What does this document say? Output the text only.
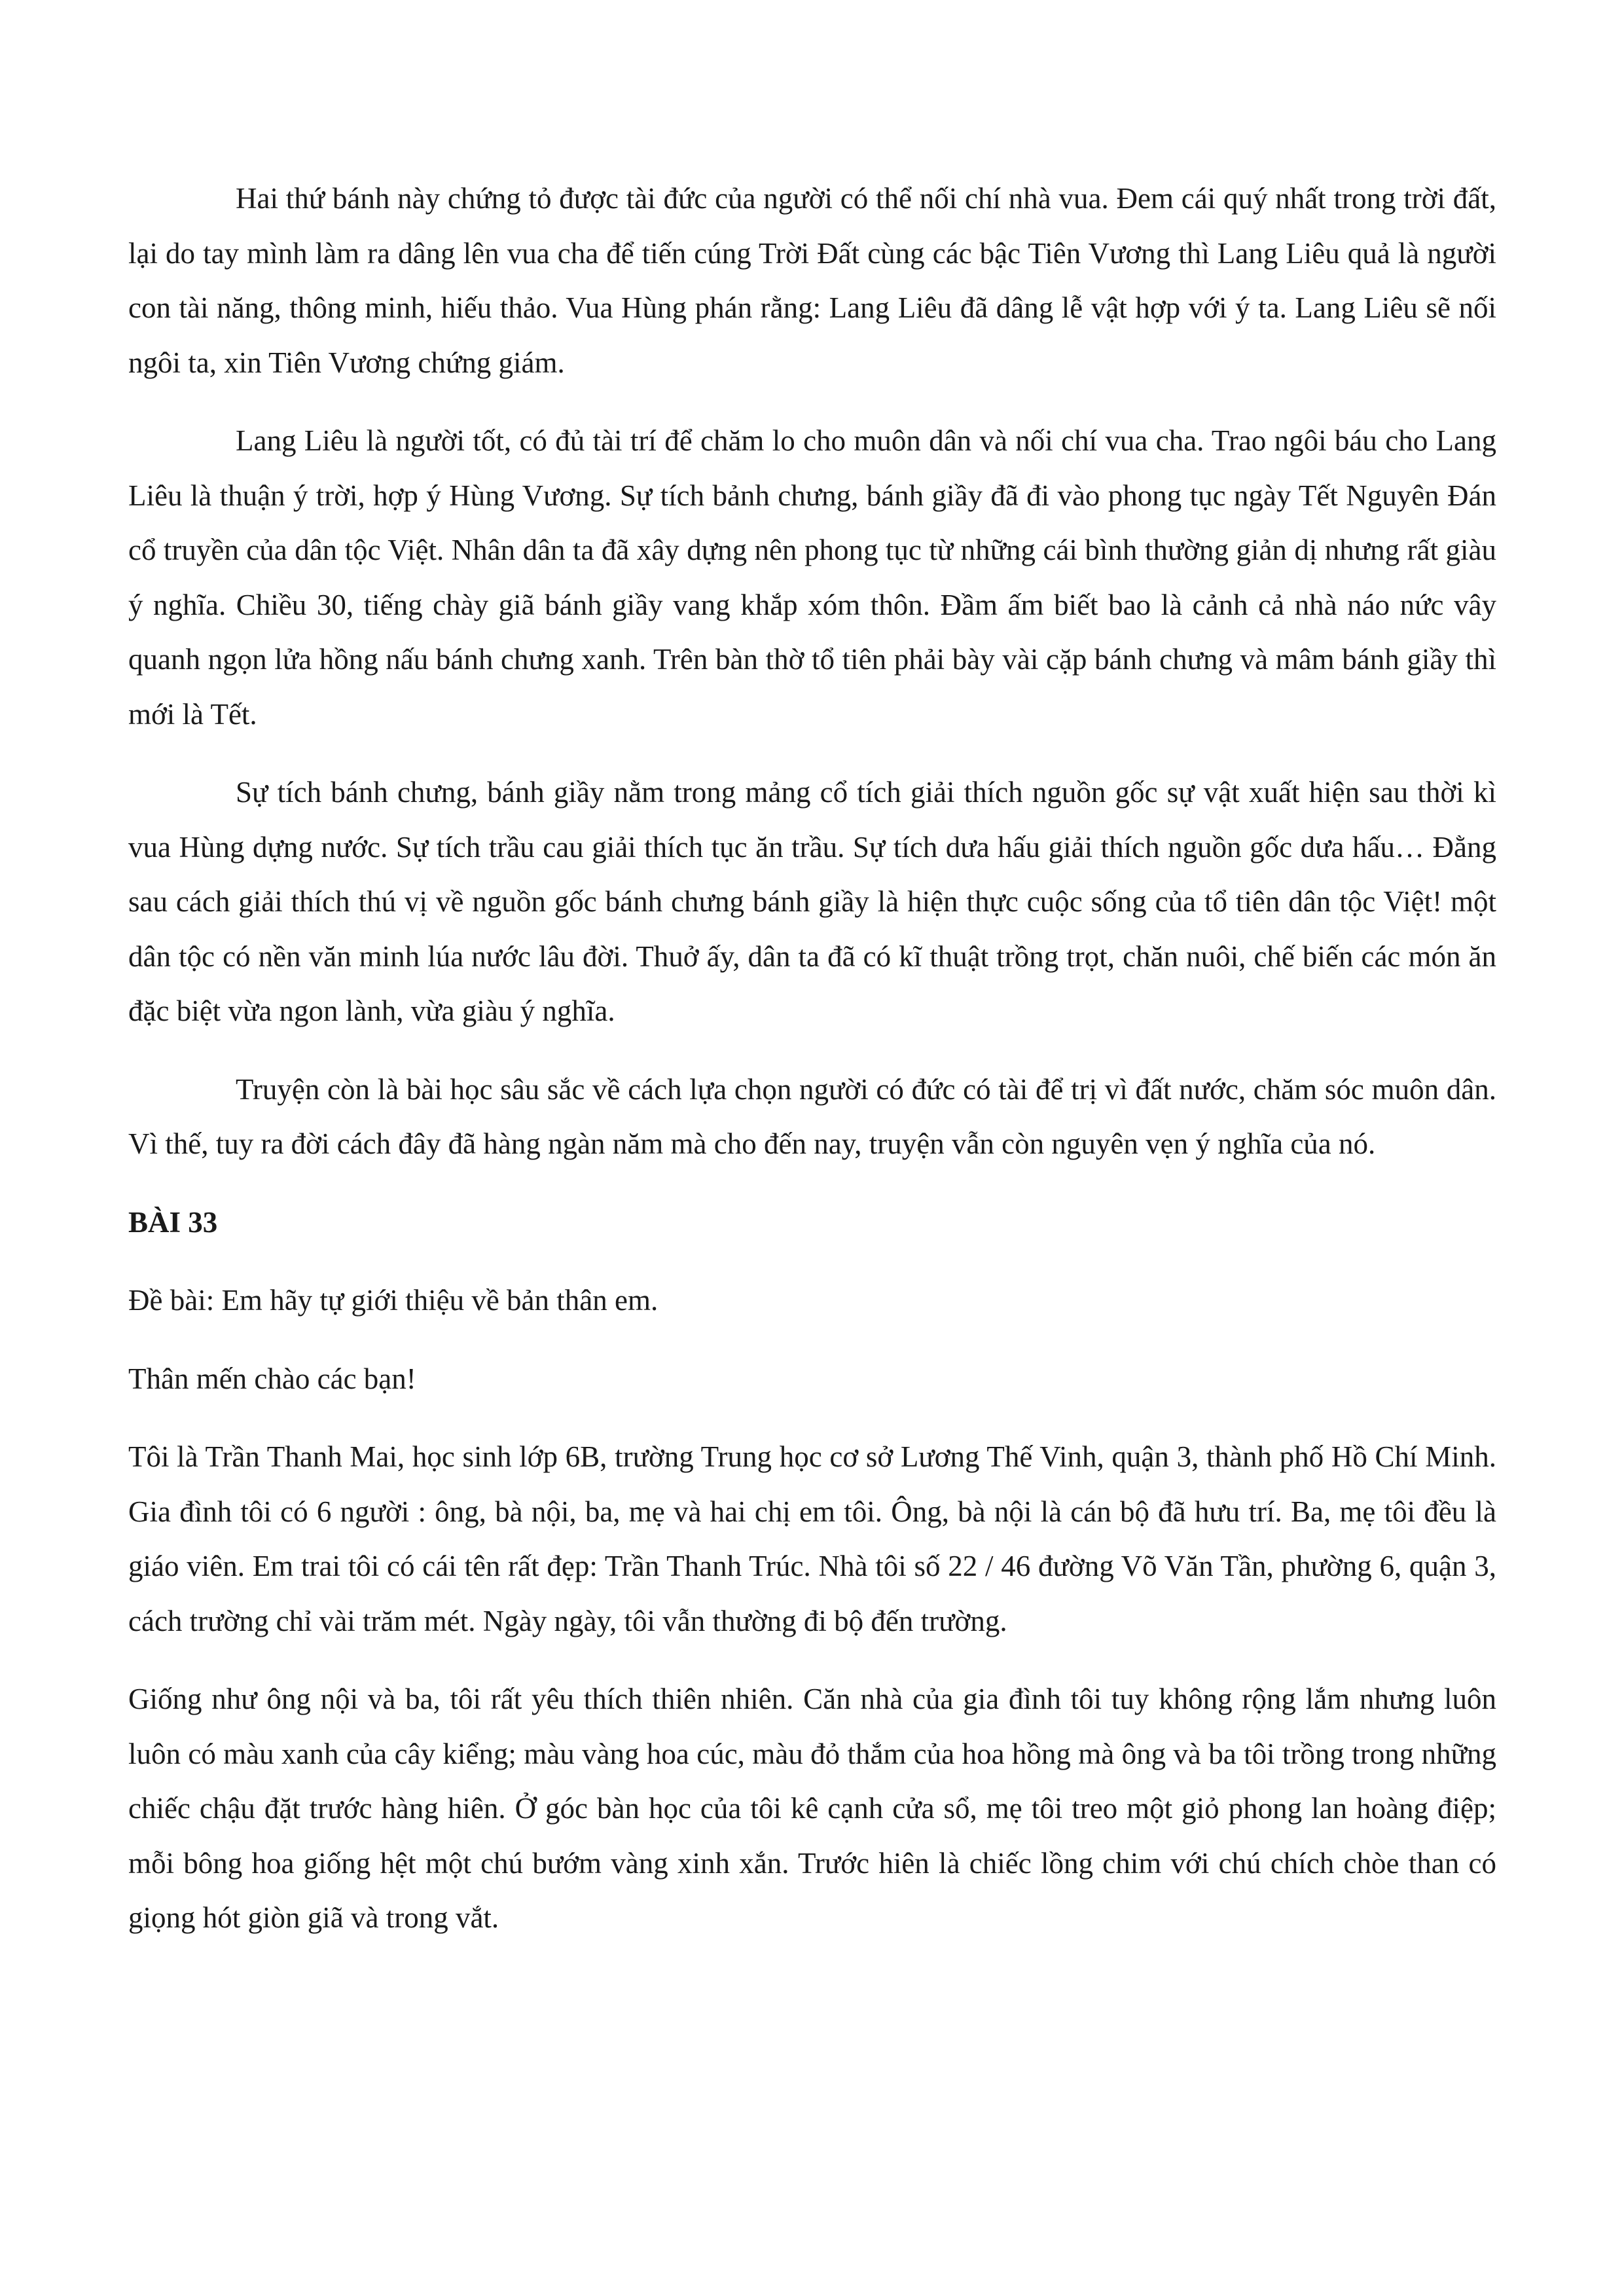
Hai thứ bánh này chứng tỏ được tài đức của người có thể nối chí nhà vua. Đem cái quý nhất trong trời đất, lại do tay mình làm ra dâng lên vua cha để tiến cúng Trời Đất cùng các bậc Tiên Vương thì Lang Liêu quả là người con tài năng, thông minh, hiếu thảo. Vua Hùng phán rằng: Lang Liêu đã dâng lễ vật hợp với ý ta. Lang Liêu sẽ nối ngôi ta, xin Tiên Vương chứng giám.

Lang Liêu là người tốt, có đủ tài trí để chăm lo cho muôn dân và nối chí vua cha. Trao ngôi báu cho Lang Liêu là thuận ý trời, hợp ý Hùng Vương. Sự tích bảnh chưng, bánh giầy đã đi vào phong tục ngày Tết Nguyên Đán cổ truyền của dân tộc Việt. Nhân dân ta đã xây dựng nên phong tục từ những cái bình thường giản dị nhưng rất giàu ý nghĩa. Chiều 30, tiếng chày giã bánh giầy vang khắp xóm thôn. Đầm ấm biết bao là cảnh cả nhà náo nức vây quanh ngọn lửa hồng nấu bánh chưng xanh. Trên bàn thờ tổ tiên phải bày vài cặp bánh chưng và mâm bánh giầy thì mới là Tết.

Sự tích bánh chưng, bánh giầy nằm trong mảng cổ tích giải thích nguồn gốc sự vật xuất hiện sau thời kì vua Hùng dựng nước. Sự tích trầu cau giải thích tục ăn trầu. Sự tích dưa hấu giải thích nguồn gốc dưa hấu… Đằng sau cách giải thích thú vị về nguồn gốc bánh chưng bánh giầy là hiện thực cuộc sống của tổ tiên dân tộc Việt! một dân tộc có nền văn minh lúa nước lâu đời. Thuở ấy, dân ta đã có kĩ thuật trồng trọt, chăn nuôi, chế biến các món ăn đặc biệt vừa ngon lành, vừa giàu ý nghĩa.

Truyện còn là bài học sâu sắc về cách lựa chọn người có đức có tài để trị vì đất nước, chăm sóc muôn dân. Vì thế, tuy ra đời cách đây đã hàng ngàn năm mà cho đến nay, truyện vẫn còn nguyên vẹn ý nghĩa của nó.

BÀI 33

Đề bài: Em hãy tự giới thiệu về bản thân em.

Thân mến chào các bạn!

Tôi là Trần Thanh Mai, học sinh lớp 6B, trường Trung học cơ sở Lương Thế Vinh, quận 3, thành phố Hồ Chí Minh. Gia đình tôi có 6 người : ông, bà nội, ba, mẹ và hai chị em tôi. Ông, bà nội là cán bộ đã hưu trí. Ba, mẹ tôi đều là giáo viên. Em trai tôi có cái tên rất đẹp: Trần Thanh Trúc. Nhà tôi số 22 / 46 đường Võ Văn Tần, phường 6, quận 3, cách trường chỉ vài trăm mét. Ngày ngày, tôi vẫn thường đi bộ đến trường.

Giống như ông nội và ba, tôi rất yêu thích thiên nhiên. Căn nhà của gia đình tôi tuy không rộng lắm nhưng luôn luôn có màu xanh của cây kiểng; màu vàng hoa cúc, màu đỏ thắm của hoa hồng mà ông và ba tôi trồng trong những chiếc chậu đặt trước hàng hiên. Ở góc bàn học của tôi kê cạnh cửa sổ, mẹ tôi treo một giỏ phong lan hoàng điệp; mỗi bông hoa giống hệt một chú bướm vàng xinh xắn. Trước hiên là chiếc lồng chim với chú chích chòe than có giọng hót giòn giã và trong vắt.
